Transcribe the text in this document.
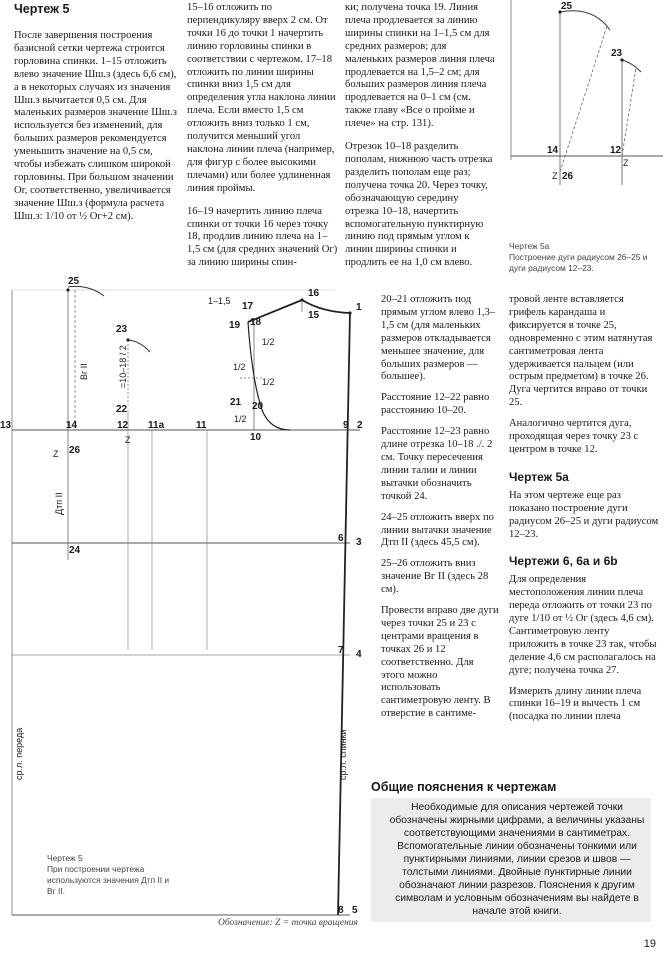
Чертеж 5

После завершения построения базисной сетки чертежа строится горловина спинки. 1–15 отложить влево значение Шш.з (здесь 6,6 см), а в некоторых случаях из значения Шш.з вычитается 0,5 см. Для маленьких размеров значение Шш.з используется без изменений, для больших размеров рекомендуется уменьшить значение на 0,5 см, чтобы избежать слишком широкой горловины. При большом значении Ог, соответственно, увеличивается значение Шш.з (формула расчета Шш.з: 1/10 от ½ Ог+2 см).

15–16 отложить по перпендикуляру вверх 2 см. От точки 16 до точки 1 начертить линию горловины спинки в соответствии с чертежом. 17–18 отложить по линии ширины спинки вниз 1,5 см для определения угла наклона линии плеча. Если вместо 1,5 см отложить вниз только 1 см, получится меньший угол наклона линии плеча (например, для фигур с более высокими плечами) или более удлиненная линия проймы.

16–19 начертить линию плеча спинки от точки 16 через точку 18, продлив линию плеча на 1–1,5 см (для средних значений Ог) за линию ширины спин-

ки; получена точка 19. Линия плеча продлевается за линию ширины спинки на 1–1,5 см для средних размеров; для маленьких размеров линия плеча продлевается на 1,5–2 см; для больших размеров линия плеча продлевается на 0–1 см (см. также главу «Все о пройме и плече» на стр. 131).

Отрезок 10–18 разделить пополам, нижнюю часть отрезка разделить пополам еще раз; получена точка 20. Через точку, обозначающую середину отрезка 10–18, начертить вспомогательную пунктирную линию под прямым углом к линии ширины спинки и продлить ее на 1,0 см влево.

25
23
14	12
Z
Z 26
Чертеж 5а
Построение дуги радиусом 26–25 и дуги радиусом 12–23.
25
23
22
13	14	12 11a	11
10
9 2
26
24
6 3
7 4
8 5
1
15
16
17
18
19
20
21
1–1,5
1/2
1/2
1/2
1/2
Z
Z
Вг II
Дтп II
=10–18 / 2
ср.л. переда	ср.л. спинки
Чертеж 5
При построении чертежа используются значения Дтп II и Вг II.
Обозначение: Z = точка вращения

20–21 отложить под прямым углом влево 1,3–1,5 см (для маленьких размеров откладывается меньшее значение, для больших размеров — большее).

Расстояние 12–22 равно расстоянию 10–20.

Расстояние 12–23 равно длине отрезка 10–18 ./. 2 см. Точку пересечения линии талии и линии вытачки обозначить точкой 24.

24–25 отложить вверх по линии вытачки значение Дтп II (здесь 45,5 см).

25–26 отложить вниз значение Вг II (здесь 28 см).

Провести вправо две дуги через точки 25 и 23 с центрами вращения в точках 26 и 12 соответственно. Для этого можно использовать сантиметровую ленту. В отверстие в сантиме-

тровой ленте вставляется грифель карандаша и фиксируется в точке 25, одновременно с этим натянутая сантиметровая лента удерживается пальцем (или острым предметом) в точке 26. Дуга чертится вправо от точки 25.

Аналогично чертится дуга, проходящая через точку 23 с центром в точке 12.

Чертеж 5а

На этом чертеже еще раз показано построение дуги радиусом 26–25 и дуги радиусом 12–23.

Чертежи 6, 6а и 6b

Для определения местоположения линии плеча переда отложить от точки 23 по дуге 1/10 от ½ Ог (здесь 4,6 см). Сантиметровую ленту приложить в точке 23 так, чтобы деление 4,6 см располагалось на дуге; получена точка 27.

Измерить длину линии плеча спинки 16–19 и вычесть 1 см (посадка по линии плеча

Общие пояснения к чертежам
Необходимые для описания чертежей точки обозначены жирными цифрами, а величины указаны соответствующими значениями в сантиметрах. Вспомогательные линии обозначены тонкими или пунктирными линиями, линии срезов и швов — толстыми линиями. Двойные пунктирные линии обозначают линии разрезов. Пояснения к другим символам и условным обозначениям вы найдете в начале этой книги.
19
